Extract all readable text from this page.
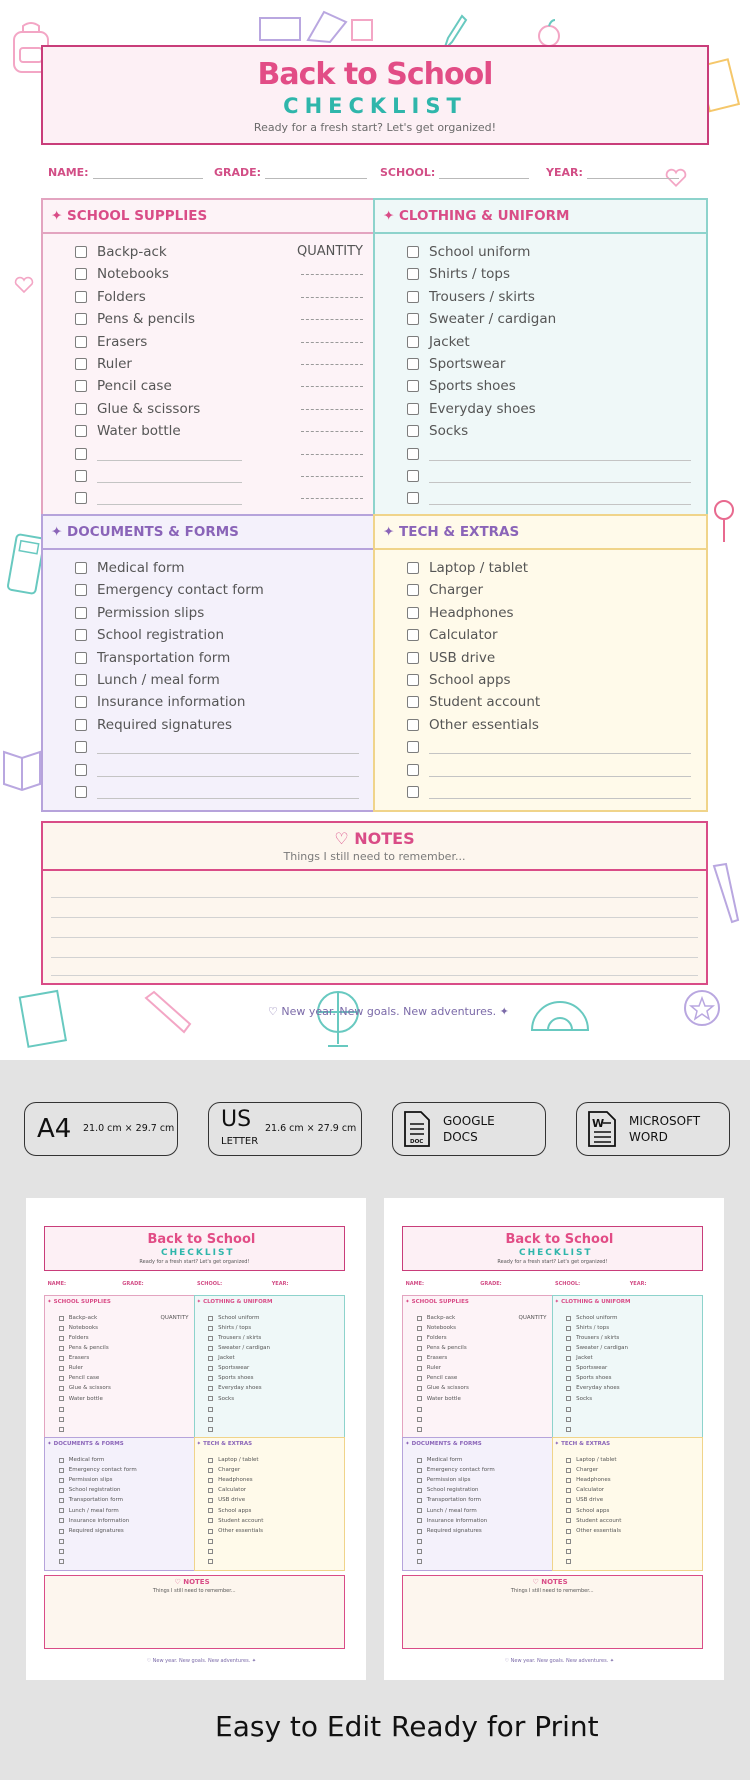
Back to School
CHECKLIST
Ready for a fresh start? Let's get organized!
NAME:	GRADE:	SCHOOL:	YEAR:
✦ SCHOOL SUPPLIES
Backp-ack	QUANTITY
Notebooks
Folders
Pens & pencils
Erasers
Ruler
Pencil case
Glue & scissors
Water bottle
✦ CLOTHING & UNIFORM
School uniform
Shirts / tops
Trousers / skirts
Sweater / cardigan
Jacket
Sportswear
Sports shoes
Everyday shoes
Socks
✦ DOCUMENTS & FORMS
Medical form
Emergency contact form
Permission slips
School registration
Transportation form
Lunch / meal form
Insurance information
Required signatures
✦ TECH & EXTRAS
Laptop / tablet
Charger
Headphones
Calculator
USB drive
School apps
Student account
Other essentials
♡ NOTES
Things I still need to remember...
♡ New year. New goals. New adventures. ✦
A4 21.0 cm × 29.7 cm US
LETTER
21.6 cm × 27.9 cm
DOC
GOOGLE
DOCS
W MICROSOFT
WORD
Back to School
CHECKLIST
Ready for a fresh start? Let's get organized!
NAME:	GRADE:	SCHOOL:	YEAR:
✦ SCHOOL SUPPLIES
Backp-ack
Notebooks
Folders
Pens & pencils
Erasers
Ruler
Pencil case
Glue & scissors
Water bottle
QUANTITY
✦ CLOTHING & UNIFORM
School uniform
Shirts / tops
Trousers / skirts
Sweater / cardigan
Jacket
Sportswear
Sports shoes
Everyday shoes
Socks
✦ DOCUMENTS & FORMS
Medical form
Emergency contact form
Permission slips
School registration
Transportation form
Lunch / meal form
Insurance information
Required signatures
✦ TECH & EXTRAS
Laptop / tablet
Charger
Headphones
Calculator
USB drive
School apps
Student account
Other essentials
♡ NOTES
Things I still need to remember...
♡ New year. New goals. New adventures. ✦
Back to School
CHECKLIST
Ready for a fresh start? Let's get organized!
NAME:	GRADE:	SCHOOL:	YEAR:
✦ SCHOOL SUPPLIES
Backp-ack
Notebooks
Folders
Pens & pencils
Erasers
Ruler
Pencil case
Glue & scissors
Water bottle
QUANTITY
✦ CLOTHING & UNIFORM
School uniform
Shirts / tops
Trousers / skirts
Sweater / cardigan
Jacket
Sportswear
Sports shoes
Everyday shoes
Socks
✦ DOCUMENTS & FORMS
Medical form
Emergency contact form
Permission slips
School registration
Transportation form
Lunch / meal form
Insurance information
Required signatures
✦ TECH & EXTRAS
Laptop / tablet
Charger
Headphones
Calculator
USB drive
School apps
Student account
Other essentials
♡ NOTES
Things I still need to remember...
♡ New year. New goals. New adventures. ✦
Easy to Edit Ready for Print
